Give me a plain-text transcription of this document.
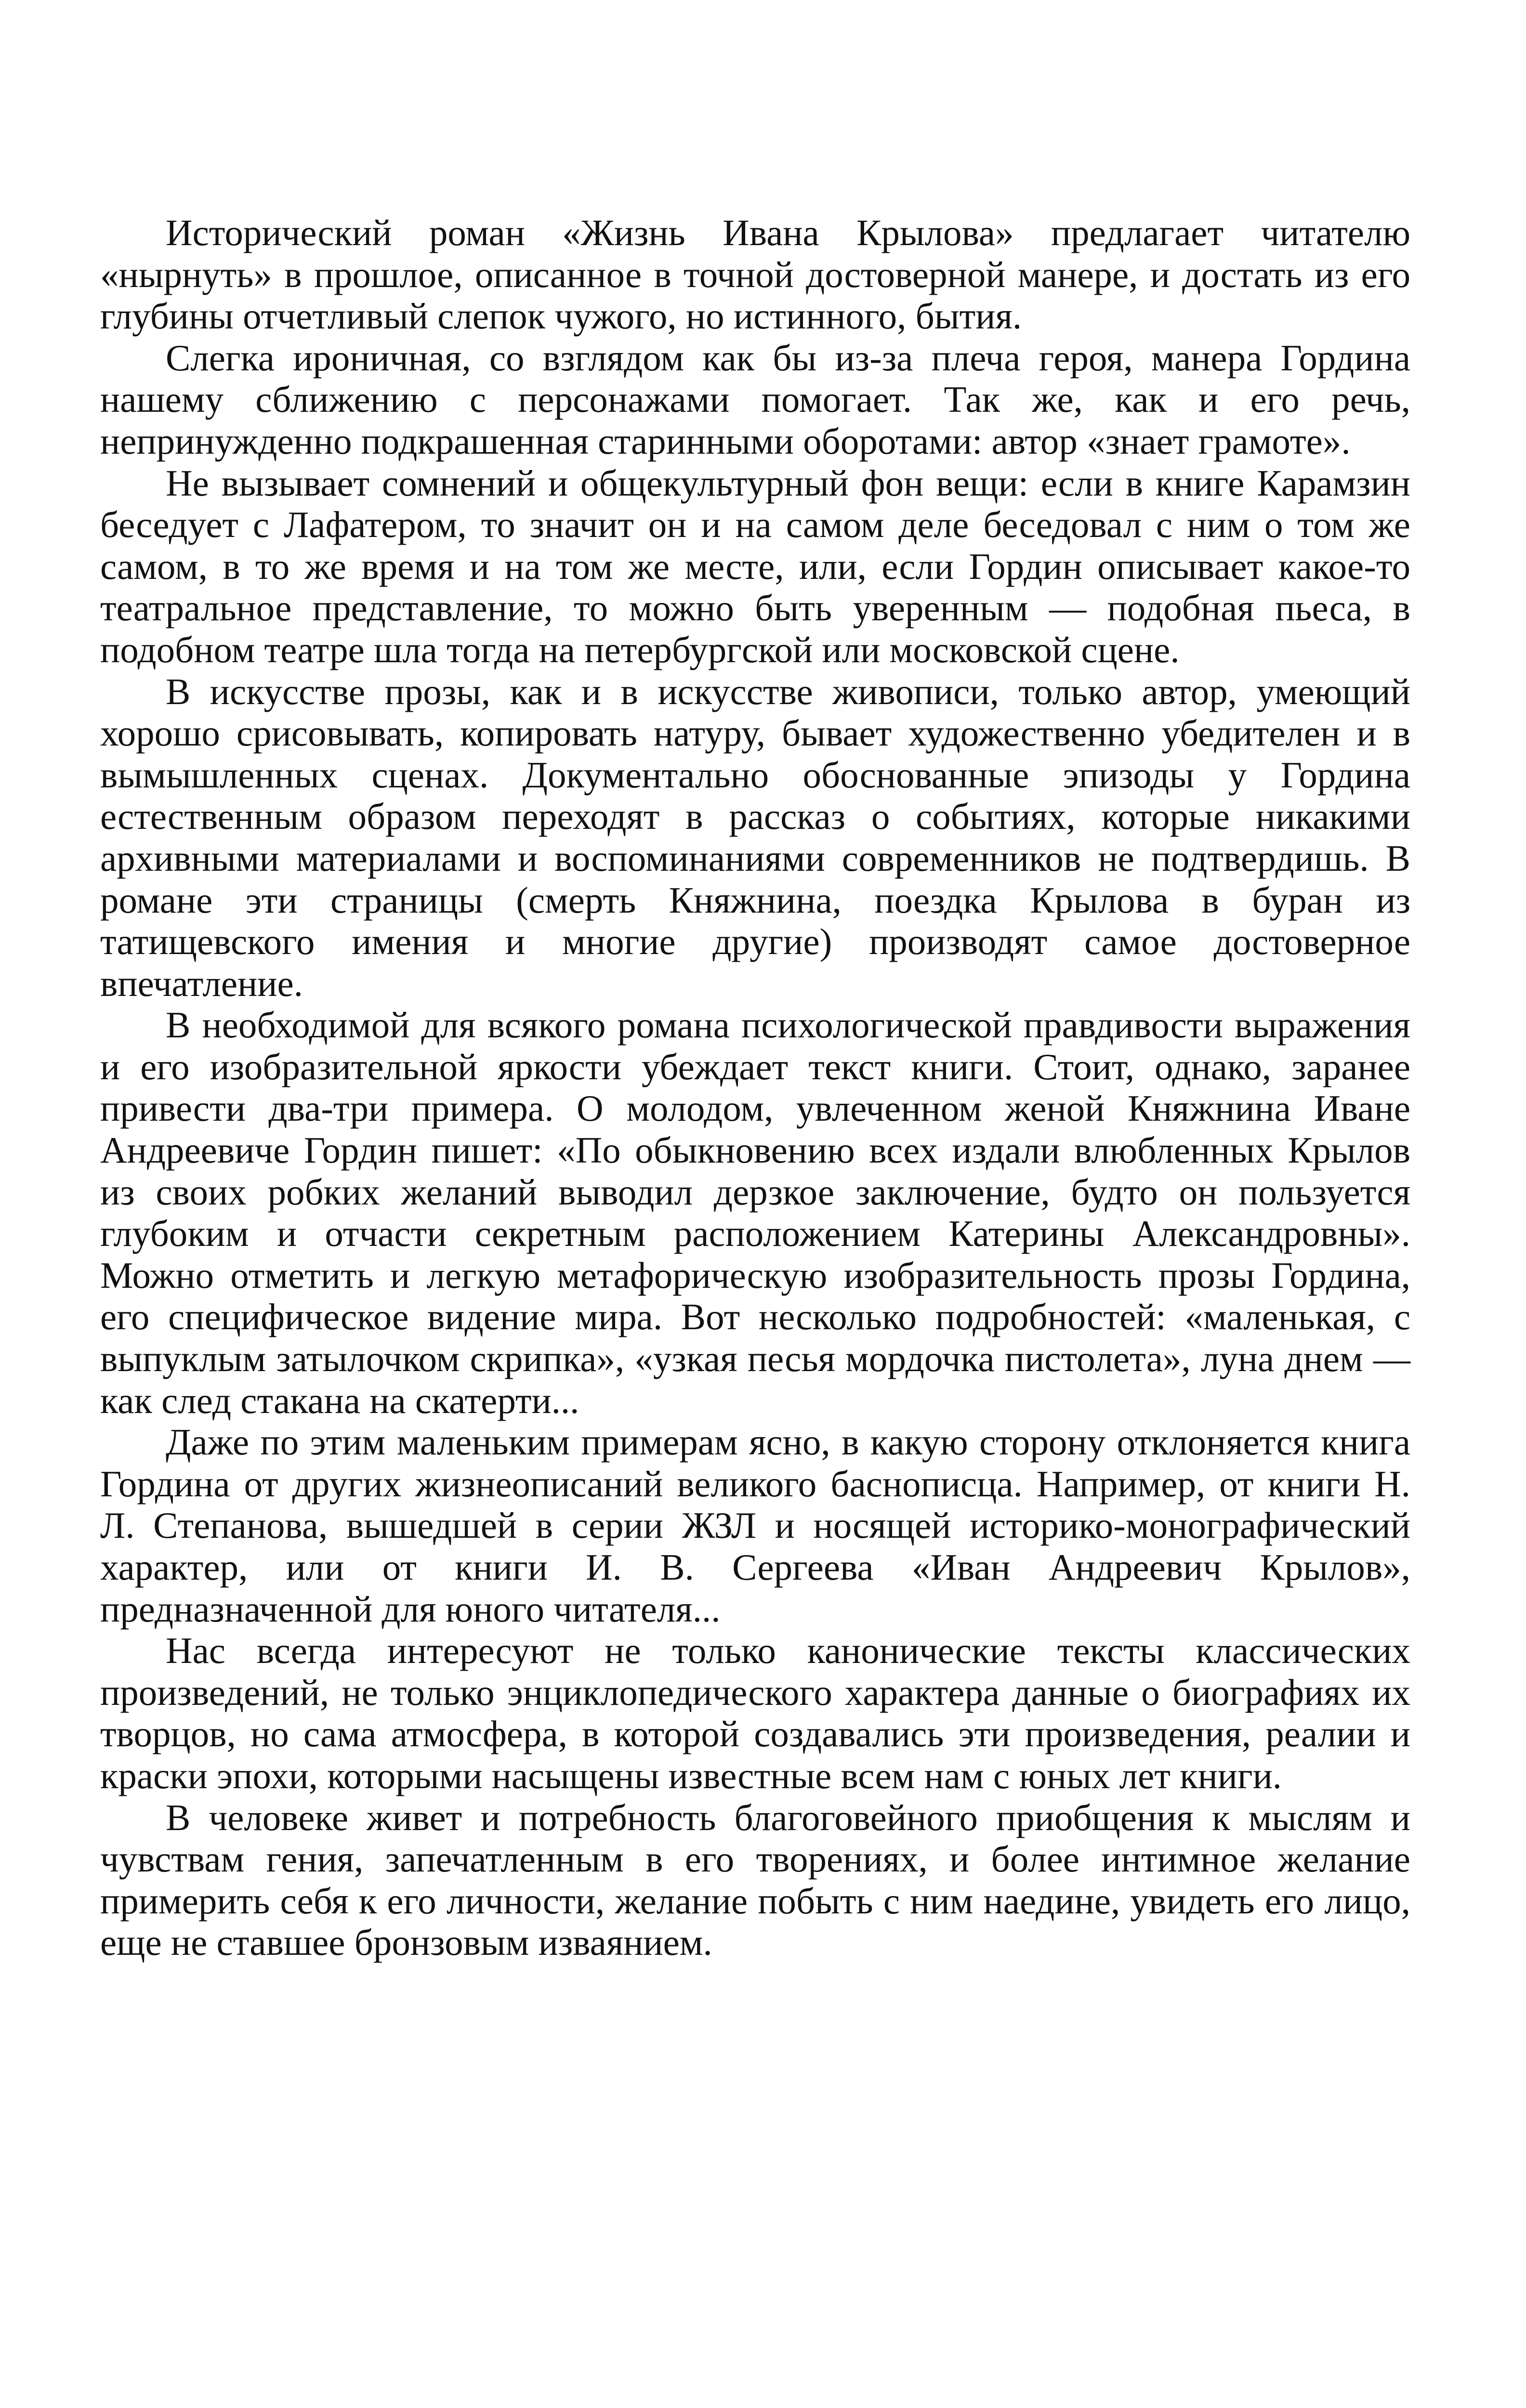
Исторический роман «Жизнь Ивана Крылова» предлагает читателю «нырнуть» в прошлое, описанное в точной достоверной манере, и достать из его глубины отчетливый слепок чужого, но истинного, бытия.

Слегка ироничная, со взглядом как бы из-за плеча героя, манера Гордина нашему сближению с персонажами помогает. Так же, как и его речь, непринужденно подкрашенная старинными оборотами: автор «знает грамоте».

Не вызывает сомнений и общекультурный фон вещи: если в книге Карамзин беседует с Лафатером, то значит он и на самом деле беседовал с ним о том же самом, в то же время и на том же месте, или, если Гордин описывает какое-то театральное представление, то можно быть уверенным — подобная пьеса, в подобном театре шла тогда на петербургской или московской сцене.

В искусстве прозы, как и в искусстве живописи, только автор, умеющий хорошо срисовывать, копировать натуру, бывает художественно убедителен и в вымышленных сценах. Документально обоснованные эпизоды у Гордина естественным образом переходят в рассказ о событиях, которые никакими архивными материалами и воспоминаниями современников не подтвердишь. В романе эти страницы (смерть Княжнина, поездка Крылова в буран из татищевского имения и многие другие) производят самое достоверное впечатление.

В необходимой для всякого романа психологической правдивости выражения и его изобразительной яркости убеждает текст книги. Стоит, однако, заранее привести два-три примера. О молодом, увлеченном женой Княжнина Иване Андреевиче Гордин пишет: «По обыкновению всех издали влюбленных Крылов из своих робких желаний выводил дерзкое заключение, будто он пользуется глубоким и отчасти секретным расположением Катерины Александровны». Можно отметить и легкую метафорическую изобразительность прозы Гордина, его специфическое видение мира. Вот несколько подробностей: «маленькая, с выпуклым затылочком скрипка», «узкая песья мордочка пистолета», луна днем — как след стакана на скатерти...

Даже по этим маленьким примерам ясно, в какую сторону отклоняется книга Гордина от других жизнеописаний великого баснописца. Например, от книги Н. Л. Степанова, вышедшей в серии ЖЗЛ и носящей историко-монографический характер, или от книги И. В. Сергеева «Иван Андреевич Крылов», предназначенной для юного читателя...

Нас всегда интересуют не только канонические тексты классических произведений, не только энциклопедического характера данные о биографиях их творцов, но сама атмосфера, в которой создавались эти произведения, реалии и краски эпохи, которыми насыщены известные всем нам с юных лет книги.

В человеке живет и потребность благоговейного приобщения к мыслям и чувствам гения, запечатленным в его творениях, и более интимное желание примерить себя к его личности, желание побыть с ним наедине, увидеть его лицо, еще не ставшее бронзовым изваянием.
